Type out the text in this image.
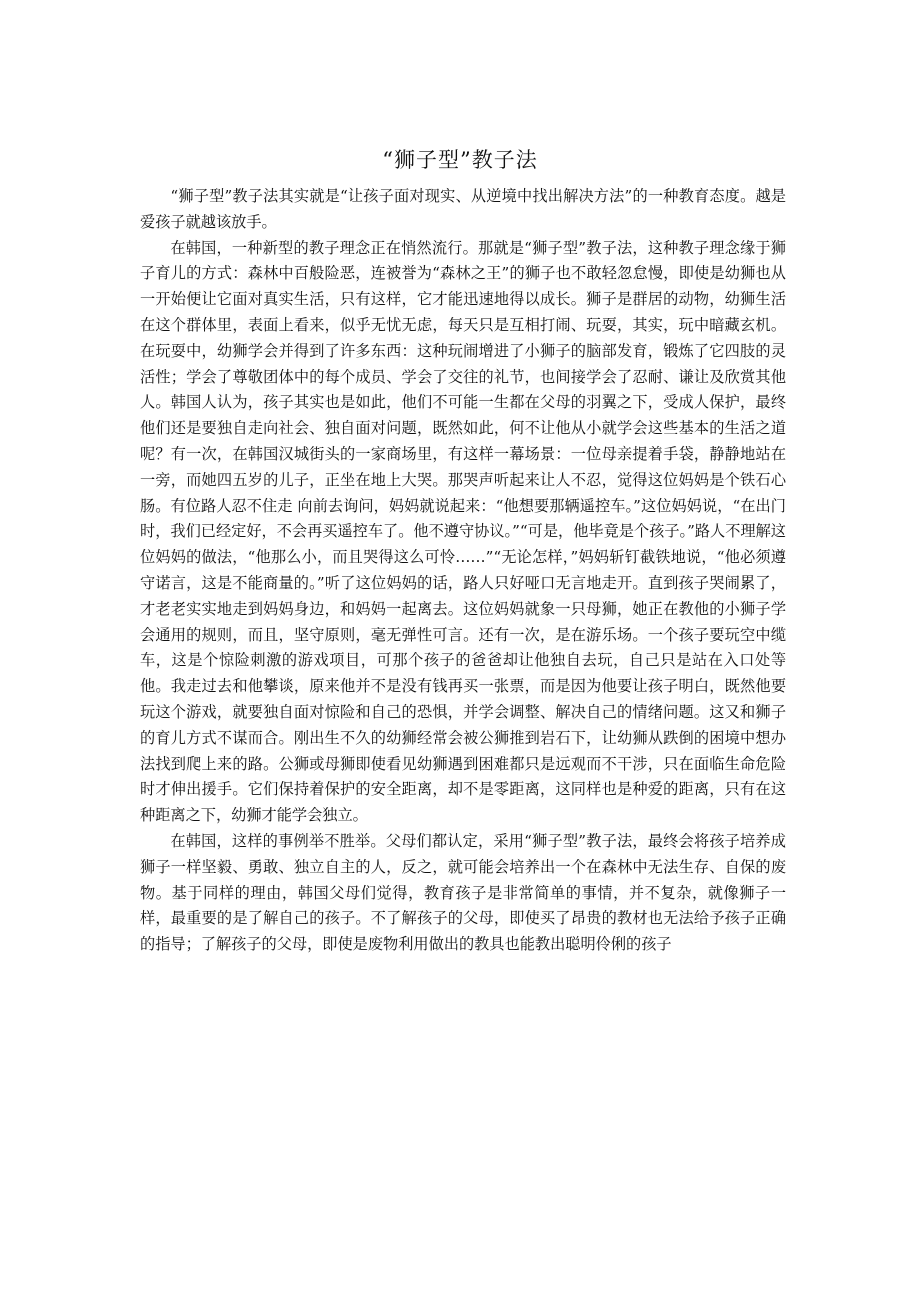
“狮子型”教子法

“狮子型”教子法其实就是“让孩子面对现实、从逆境中找出解决方法”的一种教育态度。越是爱孩子就越该放手。

在韩国，一种新型的教子理念正在悄然流行。那就是“狮子型”教子法，这种教子理念缘于狮子育儿的方式：森林中百般险恶，连被誉为“森林之王”的狮子也不敢轻忽怠慢，即使是幼狮也从一开始便让它面对真实生活，只有这样，它才能迅速地得以成长。狮子是群居的动物，幼狮生活在这个群体里，表面上看来，似乎无忧无虑，每天只是互相打闹、玩耍，其实，玩中暗藏玄机。在玩耍中，幼狮学会并得到了许多东西：这种玩闹增进了小狮子的脑部发育，锻炼了它四肢的灵活性；学会了尊敬团体中的每个成员、学会了交往的礼节，也间接学会了忍耐、谦让及欣赏其他人。韩国人认为，孩子其实也是如此，他们不可能一生都在父母的羽翼之下，受成人保护，最终他们还是要独自走向社会、独自面对问题，既然如此，何不让他从小就学会这些基本的生活之道呢？有一次，在韩国汉城街头的一家商场里，有这样一幕场景：一位母亲提着手袋，静静地站在一旁，而她四五岁的儿子，正坐在地上大哭。那哭声听起来让人不忍，觉得这位妈妈是个铁石心肠。有位路人忍不住走 向前去询问，妈妈就说起来：“他想要那辆遥控车。”这位妈妈说，“在出门时，我们已经定好，不会再买遥控车了。他不遵守协议。”“可是，他毕竟是个孩子。”路人不理解这位妈妈的做法，“他那么小，而且哭得这么可怜……”“无论怎样，”妈妈斩钉截铁地说，“他必须遵守诺言，这是不能商量的。”听了这位妈妈的话，路人只好哑口无言地走开。直到孩子哭闹累了，才老老实实地走到妈妈身边，和妈妈一起离去。这位妈妈就象一只母狮，她正在教他的小狮子学会通用的规则，而且，坚守原则，毫无弹性可言。还有一次，是在游乐场。一个孩子要玩空中缆车，这是个惊险刺激的游戏项目，可那个孩子的爸爸却让他独自去玩，自己只是站在入口处等他。我走过去和他攀谈，原来他并不是没有钱再买一张票，而是因为他要让孩子明白，既然他要玩这个游戏，就要独自面对惊险和自己的恐惧，并学会调整、解决自己的情绪问题。这又和狮子的育儿方式不谋而合。刚出生不久的幼狮经常会被公狮推到岩石下，让幼狮从跌倒的困境中想办法找到爬上来的路。公狮或母狮即使看见幼狮遇到困难都只是远观而不干涉，只在面临生命危险时才伸出援手。它们保持着保护的安全距离，却不是零距离，这同样也是种爱的距离，只有在这种距离之下，幼狮才能学会独立。

在韩国，这样的事例举不胜举。父母们都认定，采用“狮子型”教子法，最终会将孩子培养成狮子一样坚毅、勇敢、独立自主的人，反之，就可能会培养出一个在森林中无法生存、自保的废物。基于同样的理由，韩国父母们觉得，教育孩子是非常简单的事情，并不复杂，就像狮子一样，最重要的是了解自己的孩子。不了解孩子的父母，即使买了昂贵的教材也无法给予孩子正确的指导；了解孩子的父母，即使是废物利用做出的教具也能教出聪明伶俐的孩子
